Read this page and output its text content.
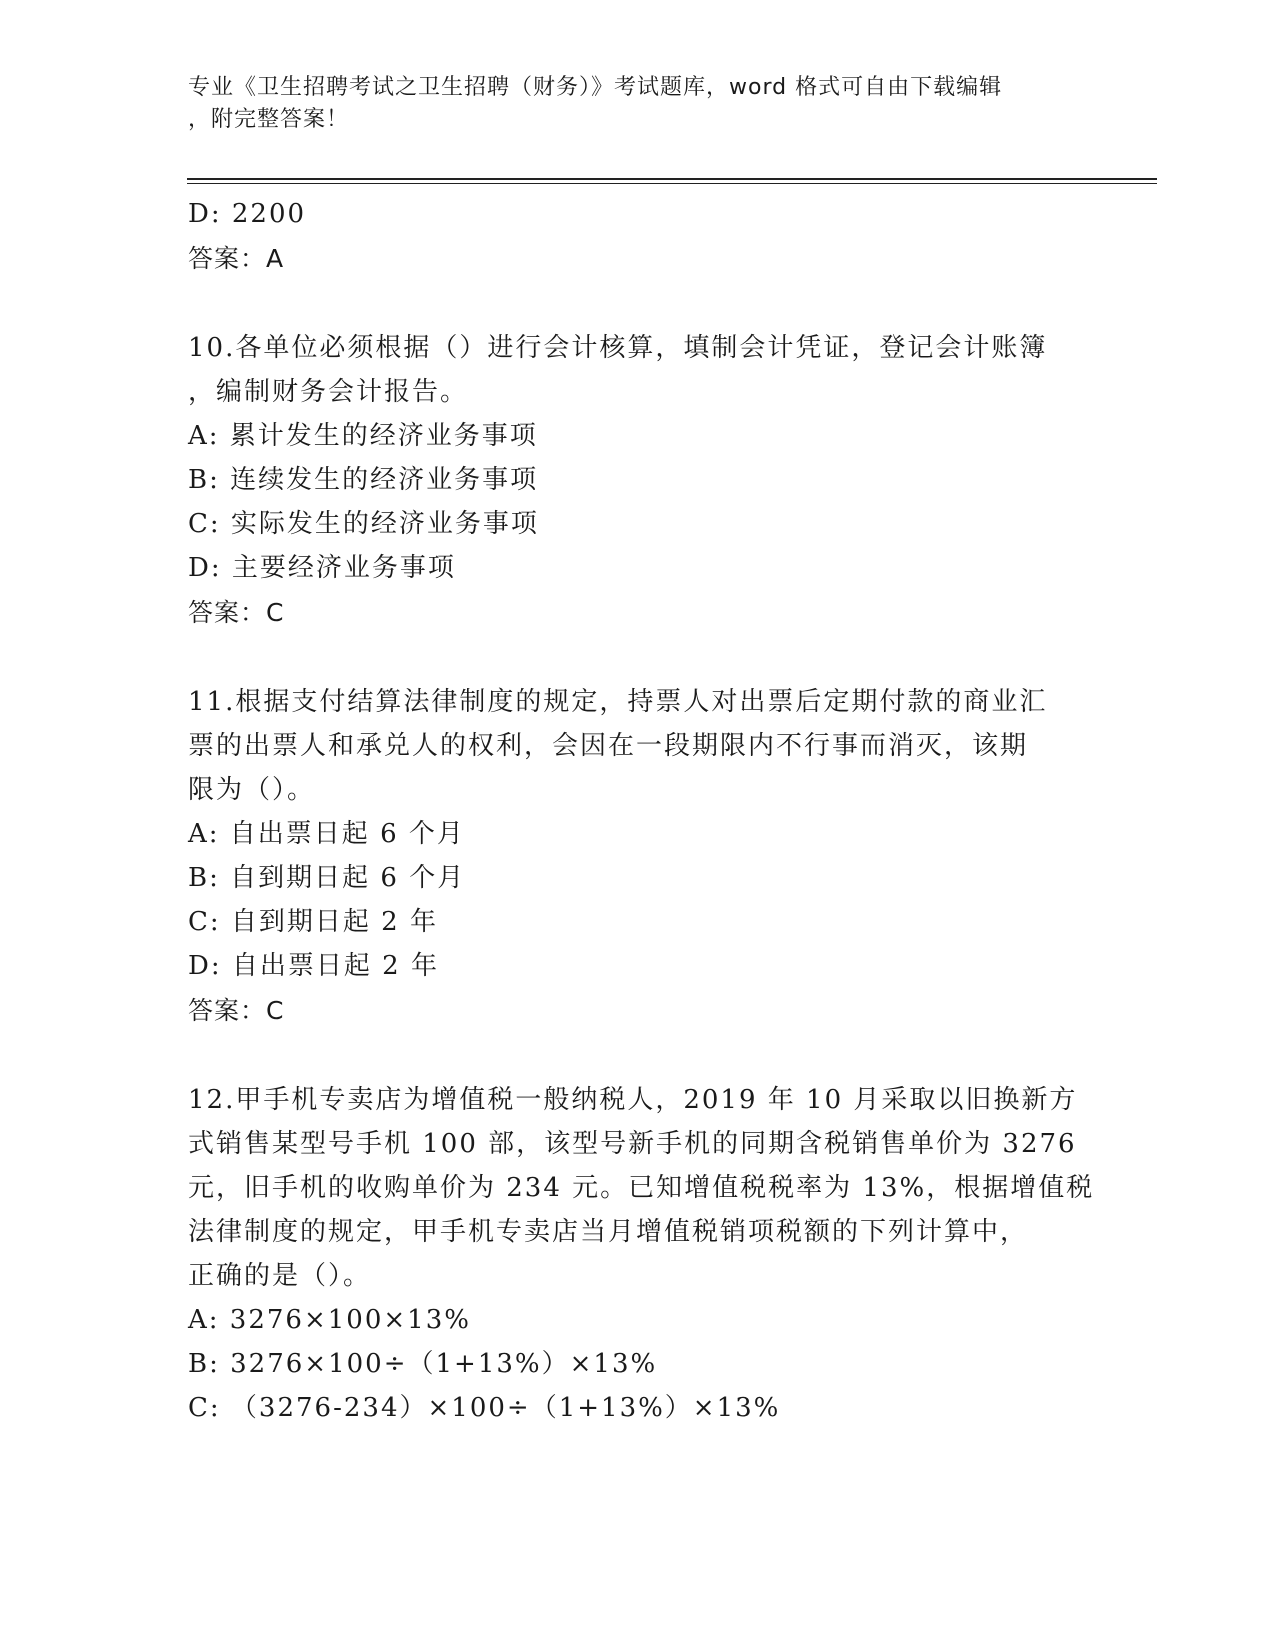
专业《卫生招聘考试之卫生招聘（财务）》考试题库，word 格式可自由下载编辑
，附完整答案！
D: 2200
答案：A
10.各单位必须根据（）进行会计核算，填制会计凭证，登记会计账簿
，编制财务会计报告。
A: 累计发生的经济业务事项
B: 连续发生的经济业务事项
C: 实际发生的经济业务事项
D: 主要经济业务事项
答案：C
11.根据支付结算法律制度的规定，持票人对出票后定期付款的商业汇
票的出票人和承兑人的权利，会因在一段期限内不行事而消灭，该期
限为（）。
A: 自出票日起 6 个月
B: 自到期日起 6 个月
C: 自到期日起 2 年
D: 自出票日起 2 年
答案：C
12.甲手机专卖店为增值税一般纳税人，2019 年 10 月采取以旧换新方
式销售某型号手机 100 部，该型号新手机的同期含税销售单价为 3276
元，旧手机的收购单价为 234 元。已知增值税税率为 13%，根据增值税
法律制度的规定，甲手机专卖店当月增值税销项税额的下列计算中，
正确的是（）。
A: 3276×100×13%
B: 3276×100÷（1+13%）×13%
C: （3276-234）×100÷（1+13%）×13%
